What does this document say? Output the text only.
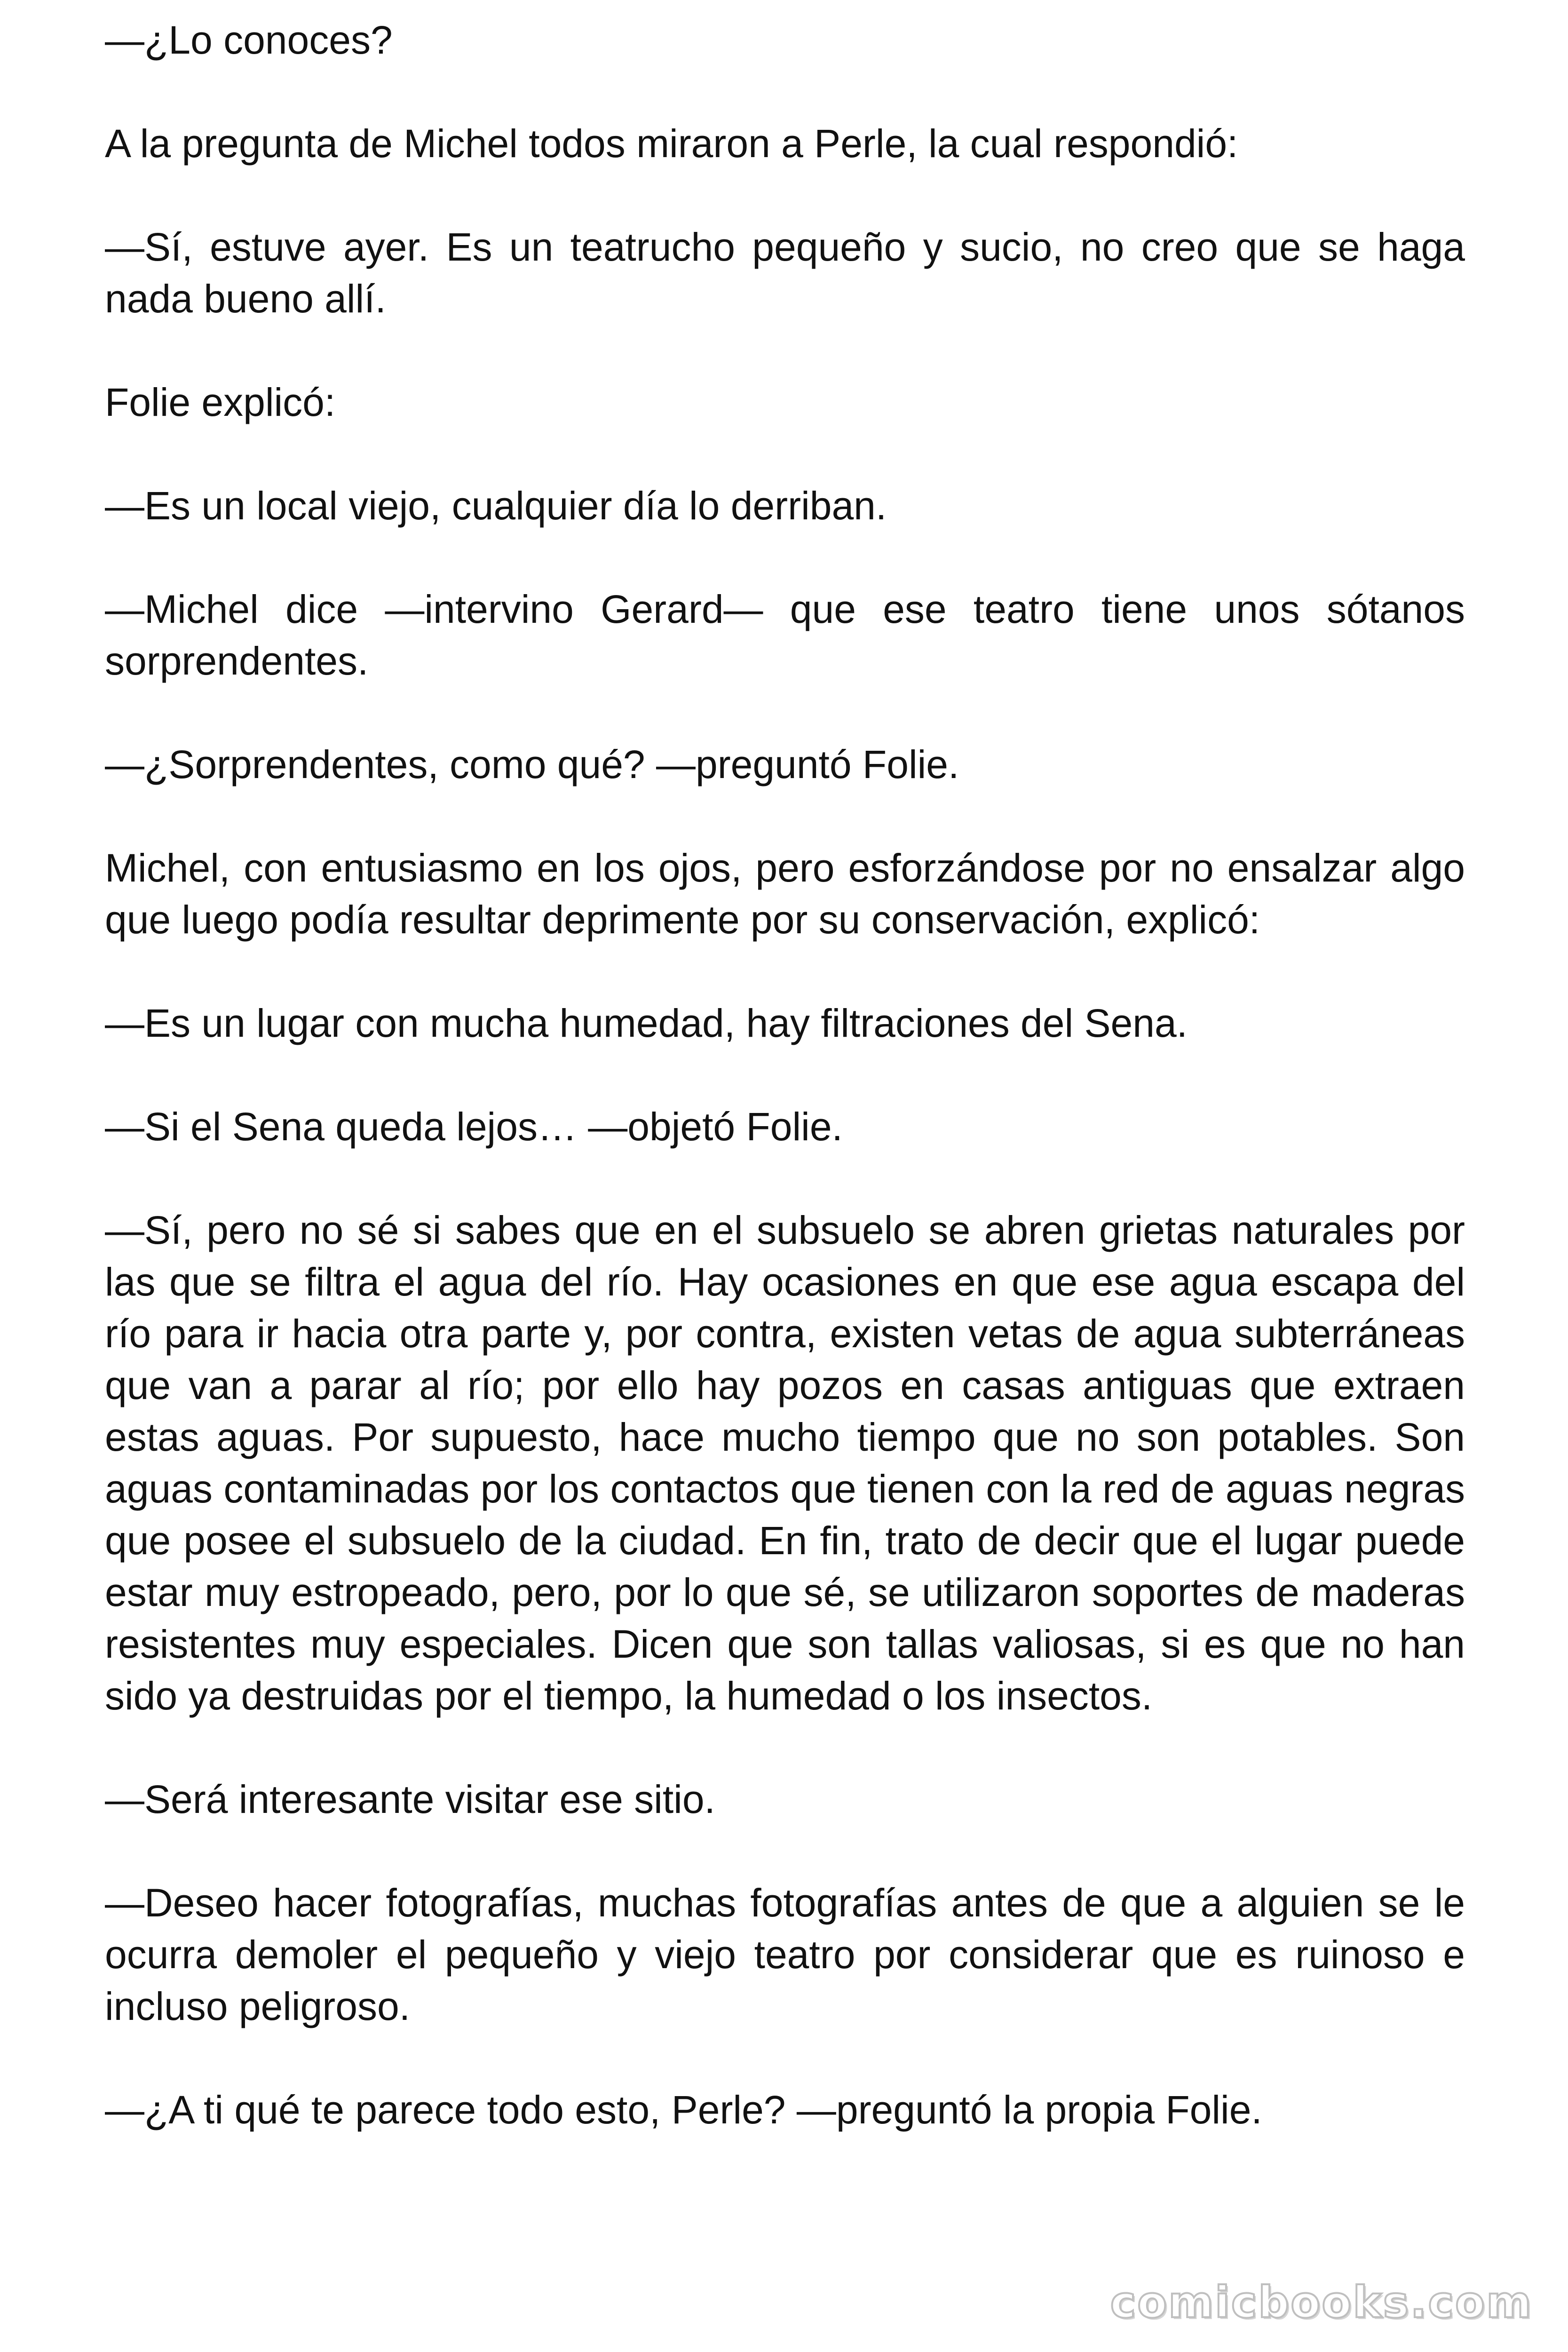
—¿Lo conoces?

A la pregunta de Michel todos miraron a Perle, la cual respondió:

—Sí, estuve ayer. Es un teatrucho pequeño y sucio, no creo que se haga nada bueno allí.

Folie explicó:

—Es un local viejo, cualquier día lo derriban.

—Michel dice —intervino Gerard— que ese teatro tiene unos sótanos sorprendentes.

—¿Sorprendentes, como qué? —preguntó Folie.

Michel, con entusiasmo en los ojos, pero esforzándose por no ensalzar algo que luego podía resultar deprimente por su conservación, explicó:

—Es un lugar con mucha humedad, hay filtraciones del Sena.

—Si el Sena queda lejos… —objetó Folie.

—Sí, pero no sé si sabes que en el subsuelo se abren grietas naturales por las que se filtra el agua del río. Hay ocasiones en que ese agua escapa del río para ir hacia otra parte y, por contra, existen vetas de agua subterráneas que van a parar al río; por ello hay pozos en casas antiguas que extraen estas aguas. Por supuesto, hace mucho tiempo que no son potables. Son aguas contaminadas por los contactos que tienen con la red de aguas negras que posee el subsuelo de la ciudad. En fin, trato de decir que el lugar puede estar muy estropeado, pero, por lo que sé, se utilizaron soportes de maderas resistentes muy especiales. Dicen que son tallas valiosas, si es que no han sido ya destruidas por el tiempo, la humedad o los insectos.

—Será interesante visitar ese sitio.

—Deseo hacer fotografías, muchas fotografías antes de que a alguien se le ocurra demoler el pequeño y viejo teatro por considerar que es ruinoso e incluso peligroso.

—¿A ti qué te parece todo esto, Perle? —preguntó la propia Folie.

comicbooks.com
